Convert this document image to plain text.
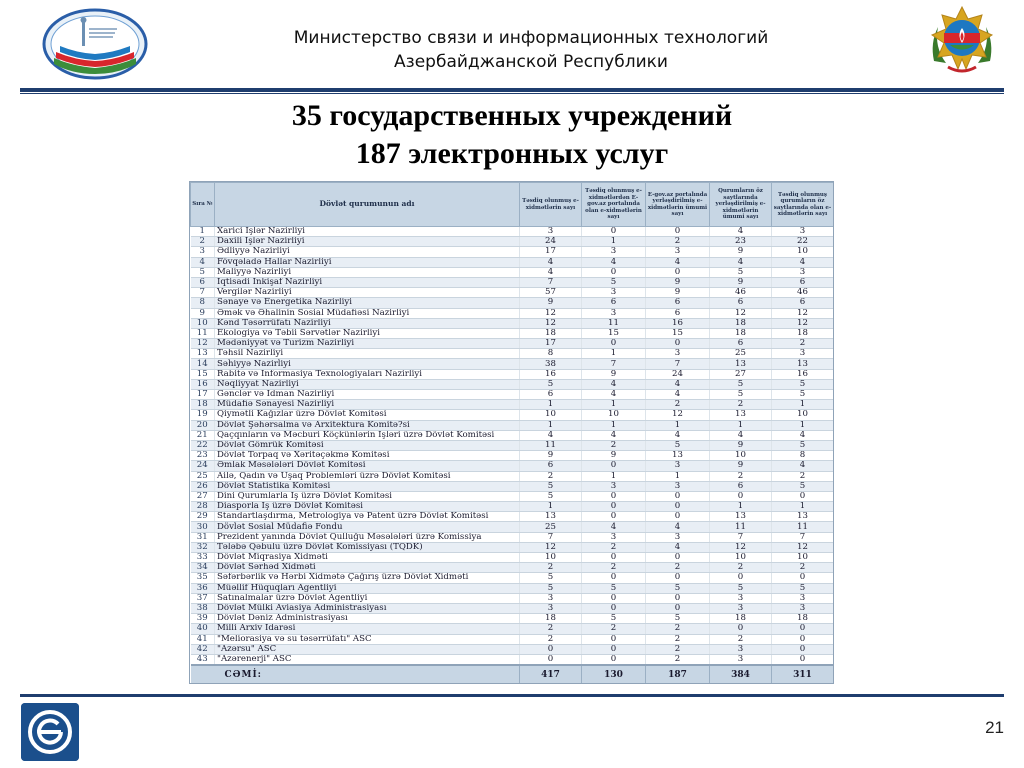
Министерство связи и информационных технологий
Азербайджанской Республики
35 государственных учреждений
187 электронных услуг
Sıra №	Dövlət qurumunun adı	Təsdiq olunmuş e-xidmətlərin sayı	Təsdiq olunmuş e-xidmətlərdən E-gov.az portalında olan e-xidmətlərin sayı	E-gov.az portalında yerləşdirilmiş e-xidmətlərin ümumi sayı	Qurumların öz saytlarında yerləşdirilmiş e-xidmətlərin ümumi sayı	Təsdiq olunmuş qurumların öz saytlarında olan e-xidmətlərin sayı
1	Xarici İşlər Nazirliyi	3	0	0	4	3
2	Daxili İşlər Nazirliyi	24	1	2	23	22
3	Ədliyyə Nazirliyi	17	3	3	9	10
4	Fövqəladə Hallar Nazirliyi	4	4	4	4	4
5	Maliyyə Nazirliyi	4	0	0	5	3
6	İqtisadi İnkişaf Nazirliyi	7	5	9	9	6
7	Vergilər Nazirliyi	57	3	9	46	46
8	Sənaye və Energetika Nazirliyi	9	6	6	6	6
9	Əmək və Əhalinin Sosial Müdafiəsi Nazirliyi	12	3	6	12	12
10	Kənd Təsərrüfatı Nazirliyi	12	11	16	18	12
11	Ekologiya və Təbii Sərvətlər Nazirliyi	18	15	15	18	18
12	Mədəniyyət və Turizm Nazirliyi	17	0	0	6	2
13	Təhsil Nazirliyi	8	1	3	25	3
14	Səhiyyə Nazirliyi	38	7	7	13	13
15	Rabitə və İnformasiya Texnologiyaları Nazirliyi	16	9	24	27	16
16	Nəqliyyat Nazirliyi	5	4	4	5	5
17	Gənclər və İdman Nazirliyi	6	4	4	5	5
18	Müdafiə Sənayesi Nazirliyi	1	1	2	2	1
19	Qiymətli Kağızlar üzrə Dövlət Komitəsi	10	10	12	13	10
20	Dövlət Şəhərsalma və Arxitektura Komitə?si	1	1	1	1	1
21	Qaçqınların və Məcburi Köçkünlərin İşləri üzrə Dövlət Komitəsi	4	4	4	4	4
22	Dövlət Gömrük Komitəsi	11	2	5	9	5
23	Dövlət Torpaq və Xəritəçəkmə Komitəsi	9	9	13	10	8
24	Əmlak Məsələləri Dövlət Komitəsi	6	0	3	9	4
25	Ailə, Qadın və Uşaq Problemləri üzrə Dövlət Komitəsi	2	1	1	2	2
26	Dövlət Statistika Komitəsi	5	3	3	6	5
27	Dini Qurumlarla İş üzrə Dövlət Komitəsi	5	0	0	0	0
28	Diasporla İş üzrə Dövlət Komitəsi	1	0	0	1	1
29	Standartlaşdırma, Metrologiya və Patent üzrə Dövlət Komitəsi	13	0	0	13	13
30	Dövlət Sosial Müdafiə Fondu	25	4	4	11	11
31	Prezident yanında Dövlət Qulluğu Məsələləri üzrə Komissiya	7	3	3	7	7
32	Tələbə Qəbulu üzrə Dövlət Komissiyası (TQDK)	12	2	4	12	12
33	Dövlət Miqrasiya Xidməti	10	0	0	10	10
34	Dövlət Sərhəd Xidməti	2	2	2	2	2
35	Səfərbərlik və Hərbi Xidmətə Çağırış üzrə Dövlət Xidməti	5	0	0	0	0
36	Müəllif Hüquqları Agentliyi	5	5	5	5	5
37	Satınalmalar üzrə Dövlət Agentliyi	3	0	0	3	3
38	Dövlət Mülki Aviasiya Administrasiyası	3	0	0	3	3
39	Dövlət Dəniz Administrasiyası	18	5	5	18	18
40	Milli Arxiv İdarəsi	2	2	2	0	0
41	"Meliorasiya və su təsərrüfatı" ASC	2	0	2	2	0
42	"Azərsu" ASC	0	0	2	3	0
43	"Azərenerji" ASC	0	0	2	3	0
CƏMİ:		417	130	187	384	311
21
